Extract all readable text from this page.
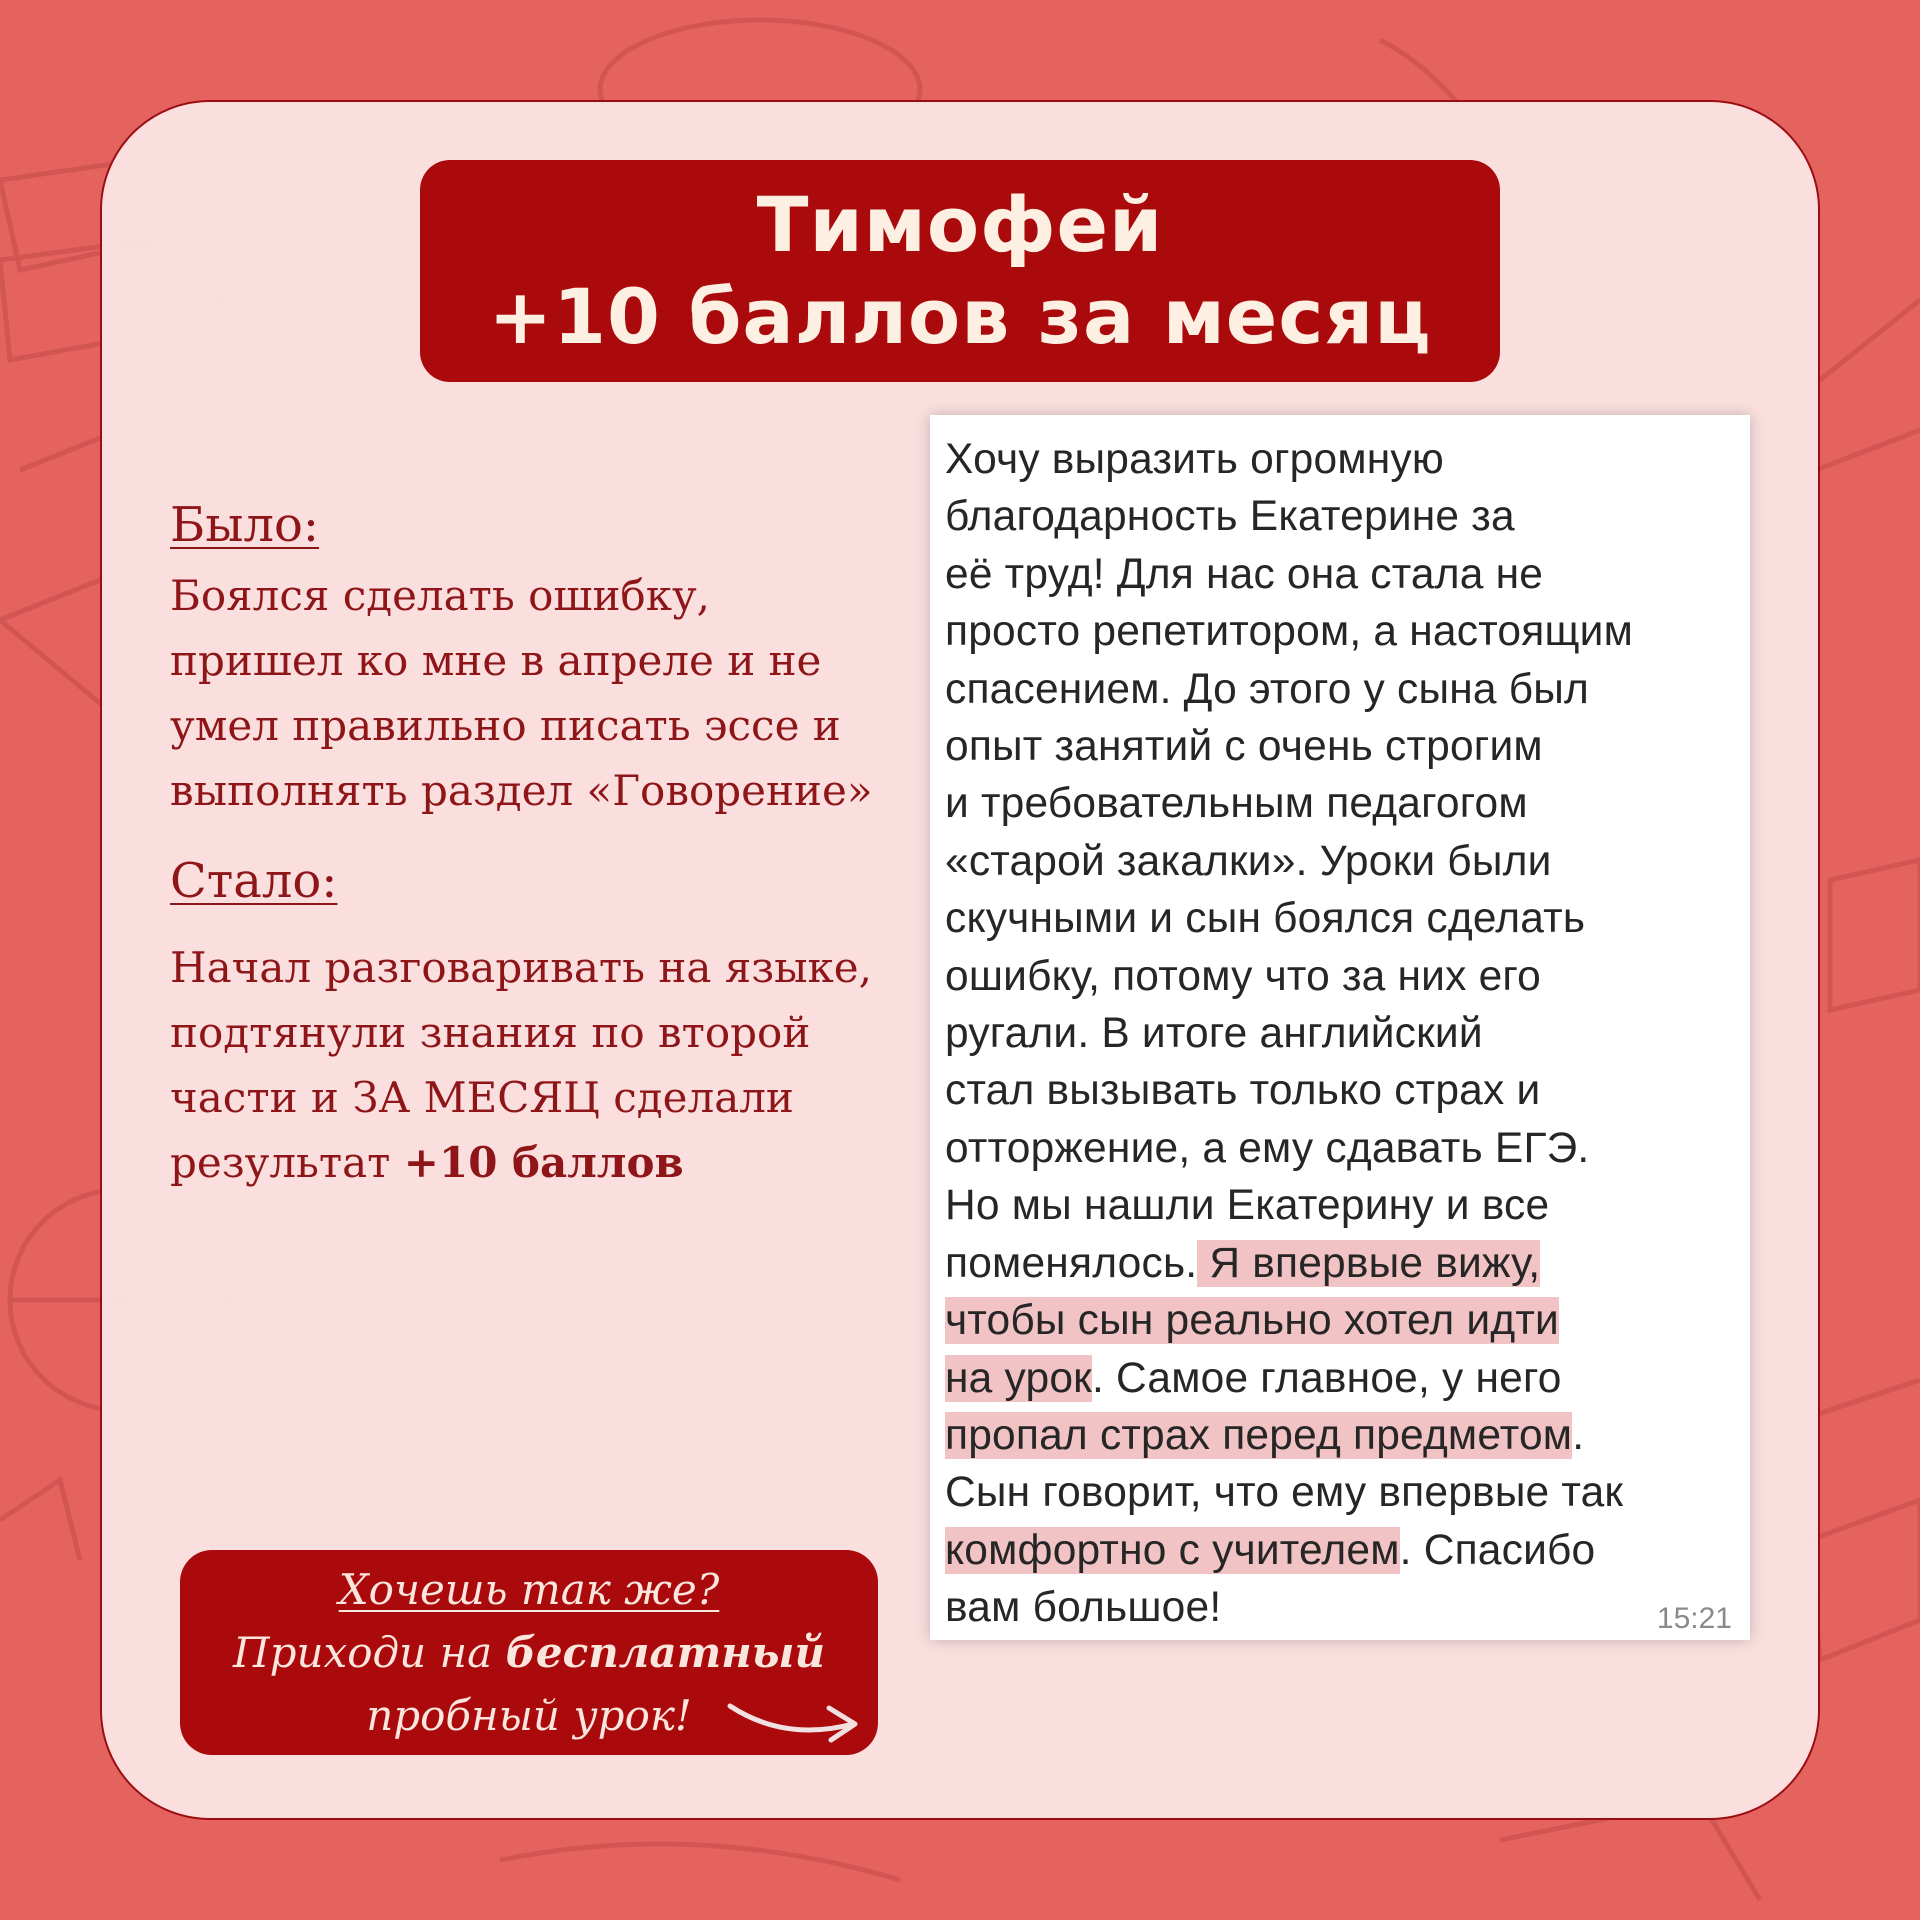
Тимофей
+10 баллов за месяц

Было:

Боялся сделать ошибку, пришел ко мне в апреле и не умел правильно писать эссе и выполнять раздел «Говорение»

Стало:

Начал разговаривать на языке, подтянули знания по второй части и ЗА МЕСЯЦ сделали результат +10 баллов

Хочу выразить огромную
благодарность Екатерине за
её труд! Для нас она стала не
просто репетитором, а настоящим
спасением. До этого у сына был
опыт занятий с очень строгим
и требовательным педагогом
«старой закалки». Уроки были
скучными и сын боялся сделать
ошибку, потому что за них его
ругали. В итоге английский
стал вызывать только страх и
отторжение, а ему сдавать ЕГЭ.
Но мы нашли Екатерину и все
поменялось. Я впервые вижу,
чтобы сын реально хотел идти
на урок. Самое главное, у него
пропал страх перед предметом.
Сын говорит, что ему впервые так
комфортно с учителем. Спасибо
вам большое!	15:21
Хочешь так же?
Приходи на бесплатный
пробный урок!
